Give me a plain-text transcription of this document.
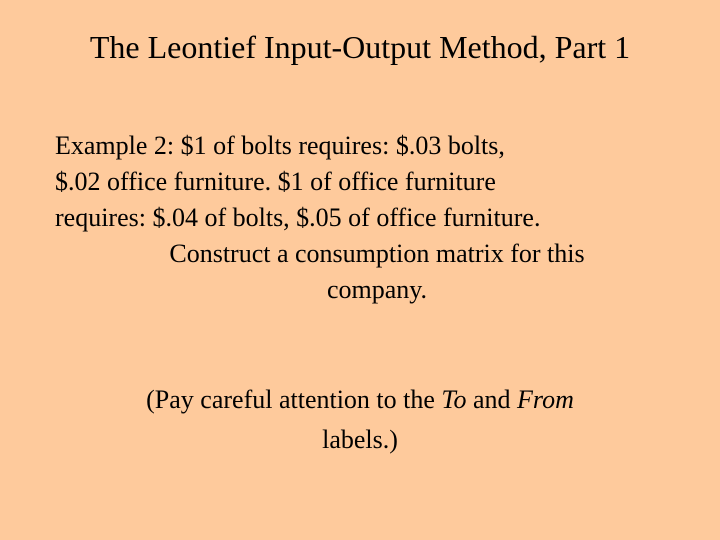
The Leontief Input-Output Method, Part 1
Example 2: $1 of bolts requires: $.03 bolts,
$.02 office furniture. $1 of office furniture
requires: $.04 of bolts, $.05 of office furniture.
Construct a consumption matrix for this
company.
(Pay careful attention to the To and From
labels.)
